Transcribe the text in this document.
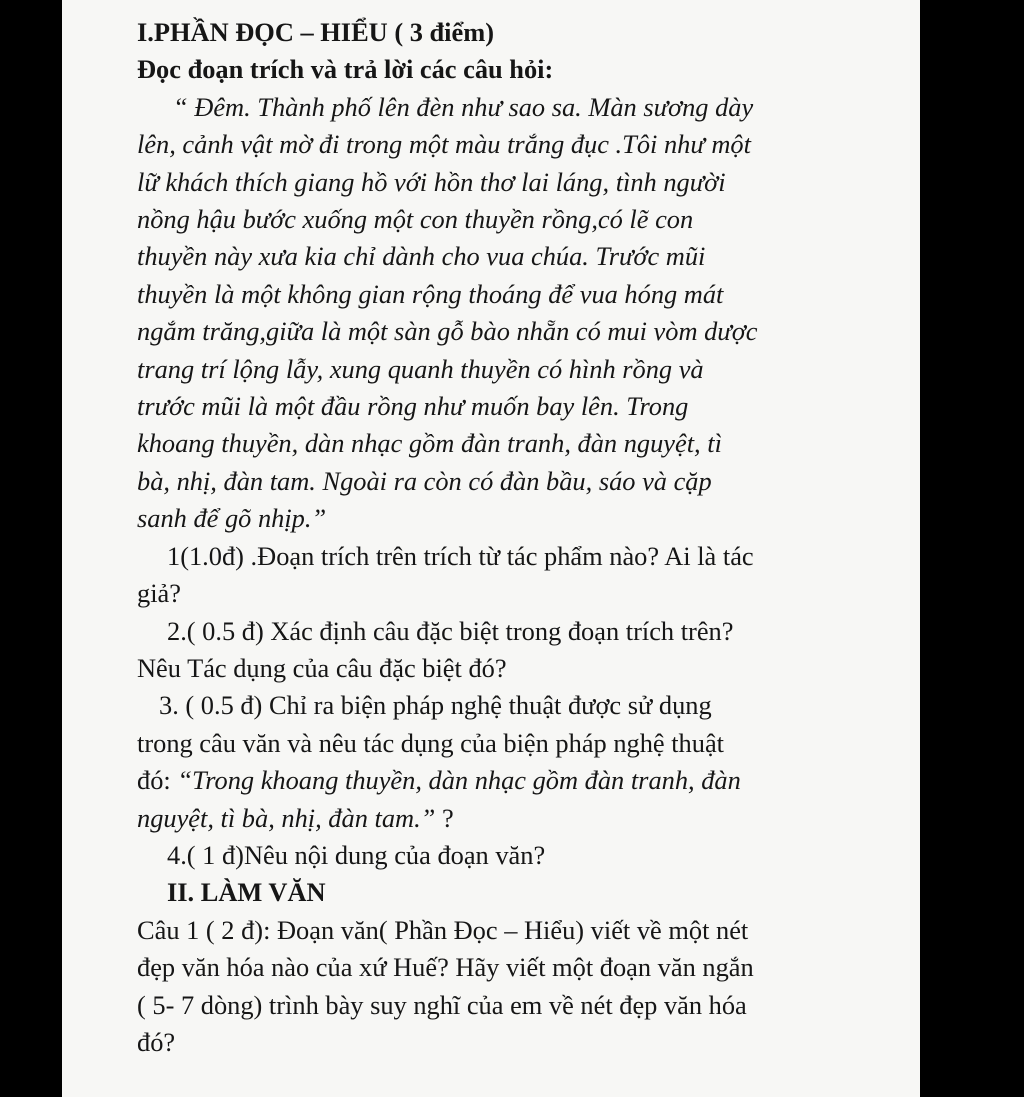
I.PHẦN ĐỌC – HIỂU ( 3 điểm)
Đọc đoạn trích và trả lời các câu hỏi:
“ Đêm. Thành phố lên đèn như sao sa. Màn sương dày
lên, cảnh vật mờ đi trong một màu trắng đục .Tôi như một
lữ khách thích giang hồ với hồn thơ lai láng, tình người
nồng hậu bước xuống một con thuyền rồng,có lẽ con
thuyền này xưa kia chỉ dành cho vua chúa. Trước mũi
thuyền là một không gian rộng thoáng để vua hóng mát
ngắm trăng,giữa là một sàn gỗ bào nhẵn có mui vòm dược
trang trí lộng lẫy, xung quanh thuyền có hình rồng và
trước mũi là một đầu rồng như muốn bay lên. Trong
khoang thuyền, dàn nhạc gồm đàn tranh, đàn nguyệt, tì
bà, nhị, đàn tam. Ngoài ra còn có đàn bầu, sáo và cặp
sanh để gõ nhịp.”
1(1.0đ) .Đoạn trích trên trích từ tác phẩm nào? Ai là tác
giả?
2.( 0.5 đ) Xác định câu đặc biệt trong đoạn trích trên?
Nêu Tác dụng của câu đặc biệt đó?
3. ( 0.5 đ) Chỉ ra biện pháp nghệ thuật được sử dụng
trong câu văn và nêu tác dụng của biện pháp nghệ thuật
đó: “Trong khoang thuyền, dàn nhạc gồm đàn tranh, đàn
nguyệt, tì bà, nhị, đàn tam.” ?
4.( 1 đ)Nêu nội dung của đoạn văn?
II. LÀM VĂN
Câu 1 ( 2 đ): Đoạn văn( Phần Đọc – Hiểu) viết về một nét
đẹp văn hóa nào của xứ Huế? Hãy viết một đoạn văn ngắn
( 5- 7 dòng) trình bày suy nghĩ của em về nét đẹp văn hóa
đó?
